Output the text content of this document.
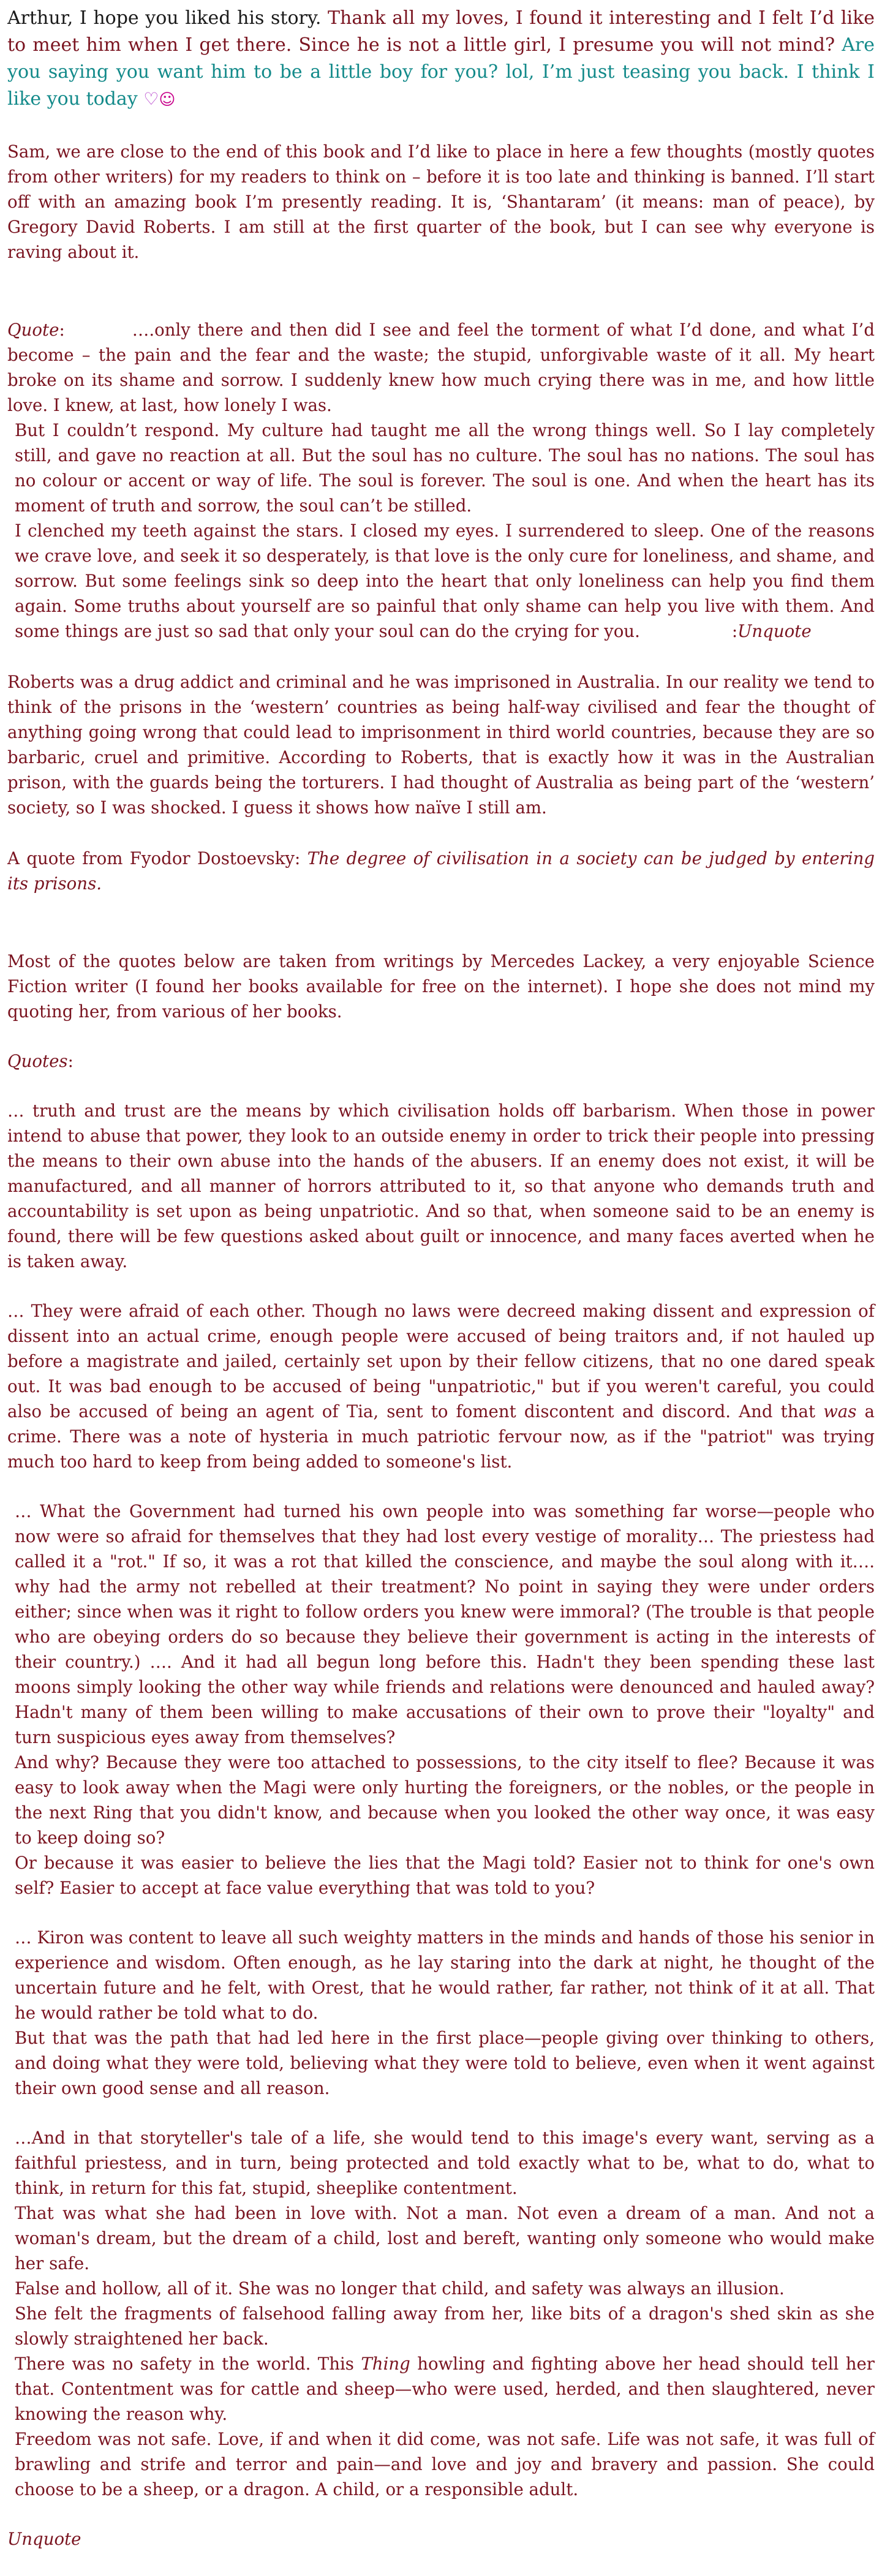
Arthur, I hope you liked his story. Thank all my loves, I found it interesting and I felt I’d like to meet him when I get there. Since he is not a little girl, I presume you will not mind? Are you saying you want him to be a little boy for you? lol, I’m just teasing you back. I think I like you today ♡☺

Sam, we are close to the end of this book and I’d like to place in here a few thoughts (mostly quotes from other writers) for my readers to think on – before it is too late and thinking is banned. I’ll start off with an amazing book I’m presently reading. It is, ‘Shantaram’ (it means: man of peace), by Gregory David Roberts. I am still at the first quarter of the book, but I can see why everyone is raving about it.

Quote:	….only there and then did I see and feel the torment of what I’d done, and what I’d become – the pain and the fear and the waste; the stupid, unforgivable waste of it all. My heart broke on its shame and sorrow. I suddenly knew how much crying there was in me, and how little love. I knew, at last, how lonely I was.

But I couldn’t respond. My culture had taught me all the wrong things well. So I lay completely still, and gave no reaction at all. But the soul has no culture. The soul has no nations. The soul has no colour or accent or way of life. The soul is forever. The soul is one. And when the heart has its moment of truth and sorrow, the soul can’t be stilled.

I clenched my teeth against the stars. I closed my eyes. I surrendered to sleep. One of the reasons we crave love, and seek it so desperately, is that love is the only cure for loneliness, and shame, and sorrow. But some feelings sink so deep into the heart that only loneliness can help you find them again. Some truths about yourself are so painful that only shame can help you live with them. And some things are just so sad that only your soul can do the crying for you.	:Unquote

Roberts was a drug addict and criminal and he was imprisoned in Australia. In our reality we tend to think of the prisons in the ‘western’ countries as being half-way civilised and fear the thought of anything going wrong that could lead to imprisonment in third world countries, because they are so barbaric, cruel and primitive. According to Roberts, that is exactly how it was in the Australian prison, with the guards being the torturers. I had thought of Australia as being part of the ‘western’ society, so I was shocked. I guess it shows how naïve I still am.

A quote from Fyodor Dostoevsky: The degree of civilisation in a society can be judged by entering its prisons.

Most of the quotes below are taken from writings by Mercedes Lackey, a very enjoyable Science Fiction writer (I found her books available for free on the internet). I hope she does not mind my quoting her, from various of her books.

Quotes:

… truth and trust are the means by which civilisation holds off barbarism. When those in power intend to abuse that power, they look to an outside enemy in order to trick their people into pressing the means to their own abuse into the hands of the abusers. If an enemy does not exist, it will be manufactured, and all manner of horrors attributed to it, so that anyone who demands truth and accountability is set upon as being unpatriotic. And so that, when someone said to be an enemy is found, there will be few questions asked about guilt or innocence, and many faces averted when he is taken away.

… They were afraid of each other. Though no laws were decreed making dissent and expression of dissent into an actual crime, enough people were accused of being traitors and, if not hauled up before a magistrate and jailed, certainly set upon by their fellow citizens, that no one dared speak out. It was bad enough to be accused of being "unpatriotic," but if you weren't careful, you could also be accused of being an agent of Tia, sent to foment discontent and discord. And that was a crime. There was a note of hysteria in much patriotic fervour now, as if the "patriot" was trying much too hard to keep from being added to someone's list.

… What the Government had turned his own people into was something far worse—people who now were so afraid for themselves that they had lost every vestige of morality… The priestess had called it a "rot." If so, it was a rot that killed the conscience, and maybe the soul along with it…. why had the army not rebelled at their treatment? No point in saying they were under orders either; since when was it right to follow orders you knew were immoral? (The trouble is that people who are obeying orders do so because they believe their government is acting in the interests of their country.) …. And it had all begun long before this. Hadn't they been spending these last moons simply looking the other way while friends and relations were denounced and hauled away? Hadn't many of them been willing to make accusations of their own to prove their "loyalty" and turn suspicious eyes away from themselves?

And why? Because they were too attached to possessions, to the city itself to flee? Because it was easy to look away when the Magi were only hurting the foreigners, or the nobles, or the people in the next Ring that you didn't know, and because when you looked the other way once, it was easy to keep doing so?

Or because it was easier to believe the lies that the Magi told? Easier not to think for one's own self? Easier to accept at face value everything that was told to you?

… Kiron was content to leave all such weighty matters in the minds and hands of those his senior in experience and wisdom. Often enough, as he lay staring into the dark at night, he thought of the uncertain future and he felt, with Orest, that he would rather, far rather, not think of it at all. That he would rather be told what to do.

But that was the path that had led here in the first place—people giving over thinking to others, and doing what they were told, believing what they were told to believe, even when it went against their own good sense and all reason.

…And in that storyteller's tale of a life, she would tend to this image's every want, serving as a faithful priestess, and in turn, being protected and told exactly what to be, what to do, what to think, in return for this fat, stupid, sheeplike contentment.

That was what she had been in love with. Not a man. Not even a dream of a man. And not a woman's dream, but the dream of a child, lost and bereft, wanting only someone who would make her safe.

False and hollow, all of it. She was no longer that child, and safety was always an illusion.

She felt the fragments of falsehood falling away from her, like bits of a dragon's shed skin as she slowly straightened her back.

There was no safety in the world. This Thing howling and fighting above her head should tell her that. Contentment was for cattle and sheep—who were used, herded, and then slaughtered, never knowing the reason why.

Freedom was not safe. Love, if and when it did come, was not safe. Life was not safe, it was full of brawling and strife and terror and pain—and love and joy and bravery and passion. She could choose to be a sheep, or a dragon. A child, or a responsible adult.

Unquote
